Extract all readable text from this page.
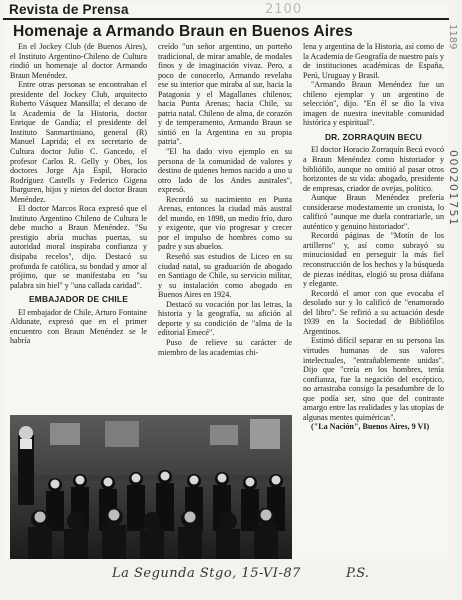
Revista de Prensa	2100
Homenaje a Armando Braun en Buenos Aires

En el Jockey Club (de Buenos Aires), el Instituto Argentino-Chileno de Cultura rindió un homenaje al doctor Armando Braun Menéndez.

Entre otras personas se encontraban el presidente del Jockey Club, arquitecto Roberto Vásquez Mansilla; el decano de la Academia de la Historia, doctor Enrique de Gandía; el presidente del Instituto Sanmartiniano, general (R) Manuel Laprida; el ex secretario de Cultura doctor Julio C. Gancedo, el profesor Carlos R. Gelly y Obes, los doctores Jorge Aja Espil, Horacio Rodríguez Castells y Federico Gigena Ibarguren, hijos y nietos del doctor Braun Menéndez.

El doctor Marcos Roca expresó que el Instituto Argentino Chileno de Cultura le debe mucho a Braun Menéndez. "Su prestigio abría muchas puertas, su autoridad moral inspiraba confianza y disipaba recelos", dijo. Destacó su profunda fe católica, su bondad y amor al prójimo, que se manifestaba en "su palabra sin hiel" y "una callada caridad".

EMBAJADOR DE CHILE

El embajador de Chile, Arturo Fontaine Aldunate, expresó que en el primer encuentro con Braun Menéndez se le habría

creído "un señor argentino, un porteño tradicional, de mirar amable, de modales finos y de imaginación vivaz. Pero, a poco de conocerlo, Armando revelaba ese su interior que miraba al sur, hacia la Patagonia y el Magallanes chilenos; hacia Punta Arenas; hacia Chile, su patria natal. Chileno de alma, de corazón y de temperamento, Armando Braun se sintió en la Argentina en su propia patria".

"El ha dado vivo ejemplo en su persona de la comunidad de valores y destino de quienes hemos nacido a uno u otro lado de los Andes australes", expresó.

Recordó su nacimiento en Punta Arenas, entonces la ciudad más austral del mundo, en 1898, un medio frío, duro y exigente, que vio progresar y crecer por el impulso de hombres como su padre y sus abuelos.

Reseñó sus estudios de Liceo en su ciudad natal, su graduación de abogado en Santiago de Chile, su servicio militar, y su instalación como abogado en Buenos Aires en 1924.

Destacó su vocación por las letras, la historia y la geografía, su afición al deporte y su condición de "alma de la editorial Emecé".

Puso de relieve su carácter de miembro de las academias chi-

lena y argentina de la Historia, así como de la Academia de Geografía de nuestro país y de instituciones académicas de España, Perú, Uruguay y Brasil.

"Armando Braun Menéndez fue un chileno ejemplar y un argentino de selección", dijo. "En él se dio la viva imagen de nuestra inevitable comunidad histórica y espiritual".

DR. ZORRAQUIN BECU

El doctor Horacio Zorraquín Becú evocó a Braun Menéndez como historiador y bibliófilo, aunque no omitió al pasar otros horizontes de su vida: abogado, presidente de empresas, criador de ovejas, político.

Aunque Braun Menéndez prefería considerarse modestamente un cronista, lo calificó "aunque me duela contrariarle, un auténtico y genuino historiador".

Recordó páginas de "Motín de los artilleros" y, así como subrayó su minuciosidad en perseguir la más fiel reconstrucción de los hechos y la búsqueda de piezas inéditas, elogió su prosa diáfana y elegante.

Recordó el amor con que evocaba el desolado sur y lo calificó de "enamorado del libro". Se refirió a su actuación desde 1939 en la Sociedad de Bibliófilos Argentinos.

Estimó difícil separar en su persona las virtudes humanas de sus valores intelectuales, "entrañablemente unidas". Dijo que "creía en los hombres, tenía confianza, fue la negación del escéptico, no arrastraba consigo la pesadumbre de lo que podía ser, sino que del contraste amargo entre las realidades y las utopías de algunas mentes quiméricas".

("La Nación", Buenos Aires, 9 VI)

1189
000201751
La Segunda Stgo, 15-VI-87	P.S.
